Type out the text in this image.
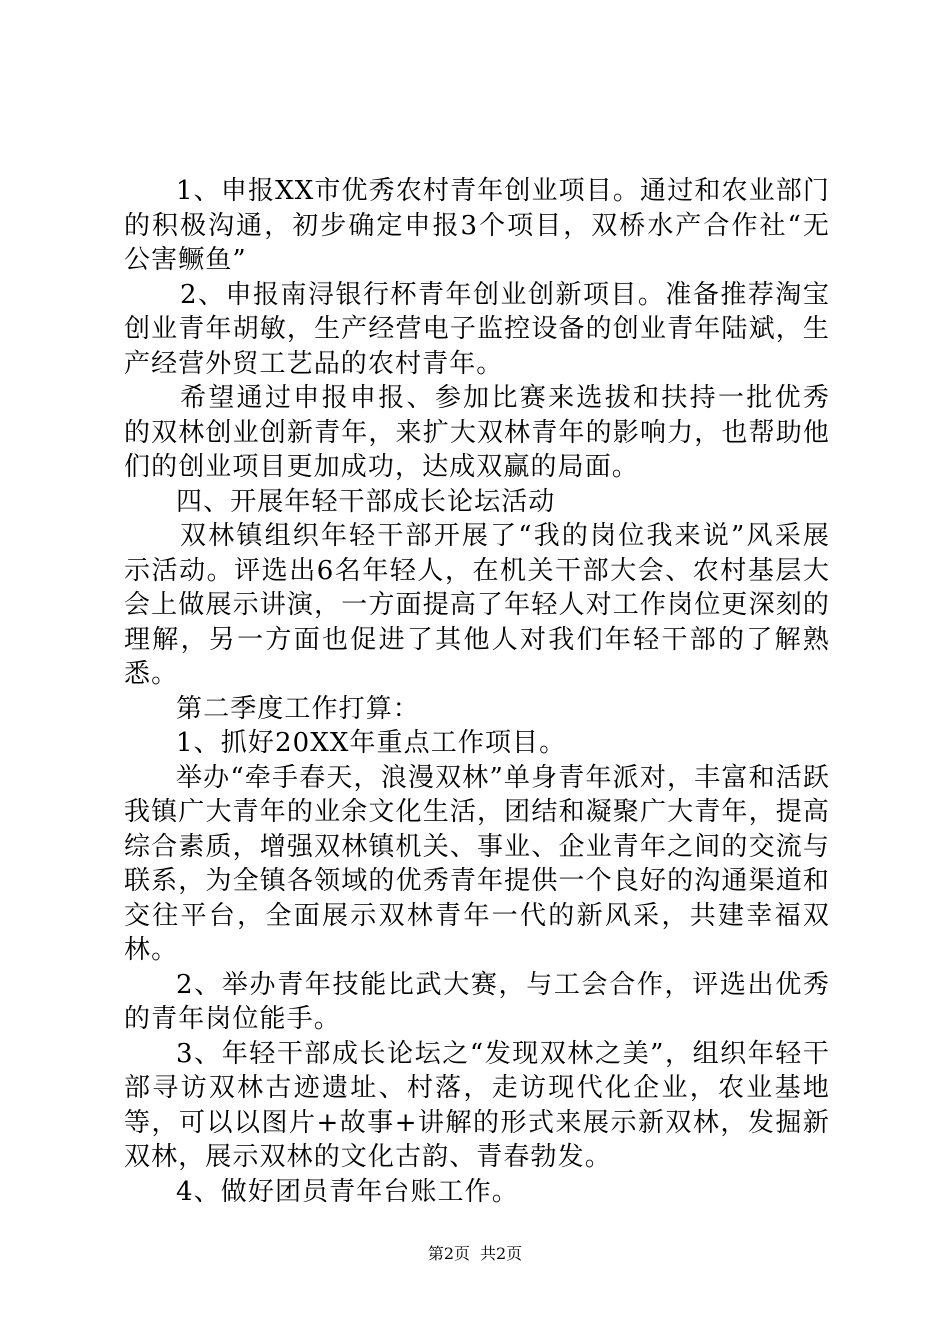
1、申报XX市优秀农村青年创业项目。通过和农业部门的积极沟通，初步确定申报3个项目，双桥水产合作社“无公害鳜鱼”

2、申报南浔银行杯青年创业创新项目。准备推荐淘宝创业青年胡敏，生产经营电子监控设备的创业青年陆斌，生产经营外贸工艺品的农村青年。

希望通过申报申报、参加比赛来选拔和扶持一批优秀的双林创业创新青年，来扩大双林青年的影响力，也帮助他们的创业项目更加成功，达成双赢的局面。

四、开展年轻干部成长论坛活动

双林镇组织年轻干部开展了“我的岗位我来说”风采展示活动。评选出6名年轻人，在机关干部大会、农村基层大会上做展示讲演，一方面提高了年轻人对工作岗位更深刻的理解，另一方面也促进了其他人对我们年轻干部的了解熟悉。

第二季度工作打算：

1、抓好20XX年重点工作项目。

举办“牵手春天，浪漫双林”单身青年派对，丰富和活跃我镇广大青年的业余文化生活，团结和凝聚广大青年，提高综合素质，增强双林镇机关、事业、企业青年之间的交流与联系，为全镇各领域的优秀青年提供一个良好的沟通渠道和交往平台，全面展示双林青年一代的新风采，共建幸福双林。

2、举办青年技能比武大赛，与工会合作，评选出优秀的青年岗位能手。

3、年轻干部成长论坛之“发现双林之美”，组织年轻干部寻访双林古迹遗址、村落，走访现代化企业，农业基地等，可以以图片+故事+讲解的形式来展示新双林，发掘新双林，展示双林的文化古韵、青春勃发。

4、做好团员青年台账工作。

第2页 共2页
